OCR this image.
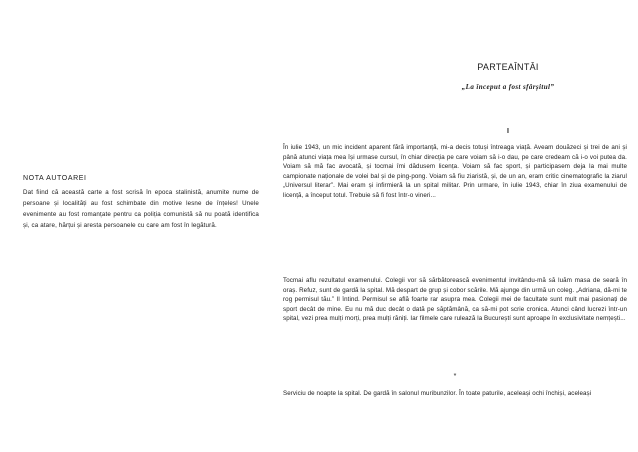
NOTA AUTOAREI

Dat fiind că această carte a fost scrisă în epoca stalinistă, anumite nume de persoane și localități au fost schimbate din motive lesne de înțeles! Unele evenimente au fost romanțate pentru ca poliția comunistă să nu poată identifica și, ca atare, hărțui și aresta persoanele cu care am fost în legătură.

PARTEAÎNTÂI

„La început a fost sfârșitul”

I

În iulie 1943, un mic incident aparent fără importanță, mi-a decis totuși întreaga viață. Aveam douăzeci și trei de ani și până atunci viața mea își urmase cursul, în chiar direcția pe care voiam să i-o dau, pe care credeam că i-o voi putea da. Voiam să mă fac avocată, și tocmai îmi dădusem licența. Voiam să fac sport, și participasem deja la mai multe campionate naționale de volei bal și de ping-pong. Voiam să fiu ziaristă, și, de un an, eram critic cinematografic la ziarul „Universul literar”. Mai eram și infirmieră la un spital militar. Prin urmare, în iulie 1943, chiar în ziua examenului de licență, a început totul. Trebuie să fi fost într-o vineri...

Tocmai aflu rezultatul examenului. Colegii vor să sărbătorească evenimentul invitându-mă să luăm masa de seară în oraș. Refuz, sunt de gardă la spital. Mă despart de grup și cobor scările. Mă ajunge din urmă un coleg. „Adriana, dă-mi te rog permisul tău.” Il întind. Permisul se află foarte rar asupra mea. Colegii mei de facultate sunt mult mai pasionați de sport decât de mine. Eu nu mă duc decât o dată pe săptămână, ca să-mi pot scrie cronica. Atunci când lucrezi într-un spital, vezi prea mulți morți, prea mulți răniți. Iar filmele care rulează la Bucureștí sunt aproape în exclusivitate nemțești...

*

Serviciu de noapte la spital. De gardă în salonul muribunzilor. În toate paturile, aceleași ochi închiși, aceleași
